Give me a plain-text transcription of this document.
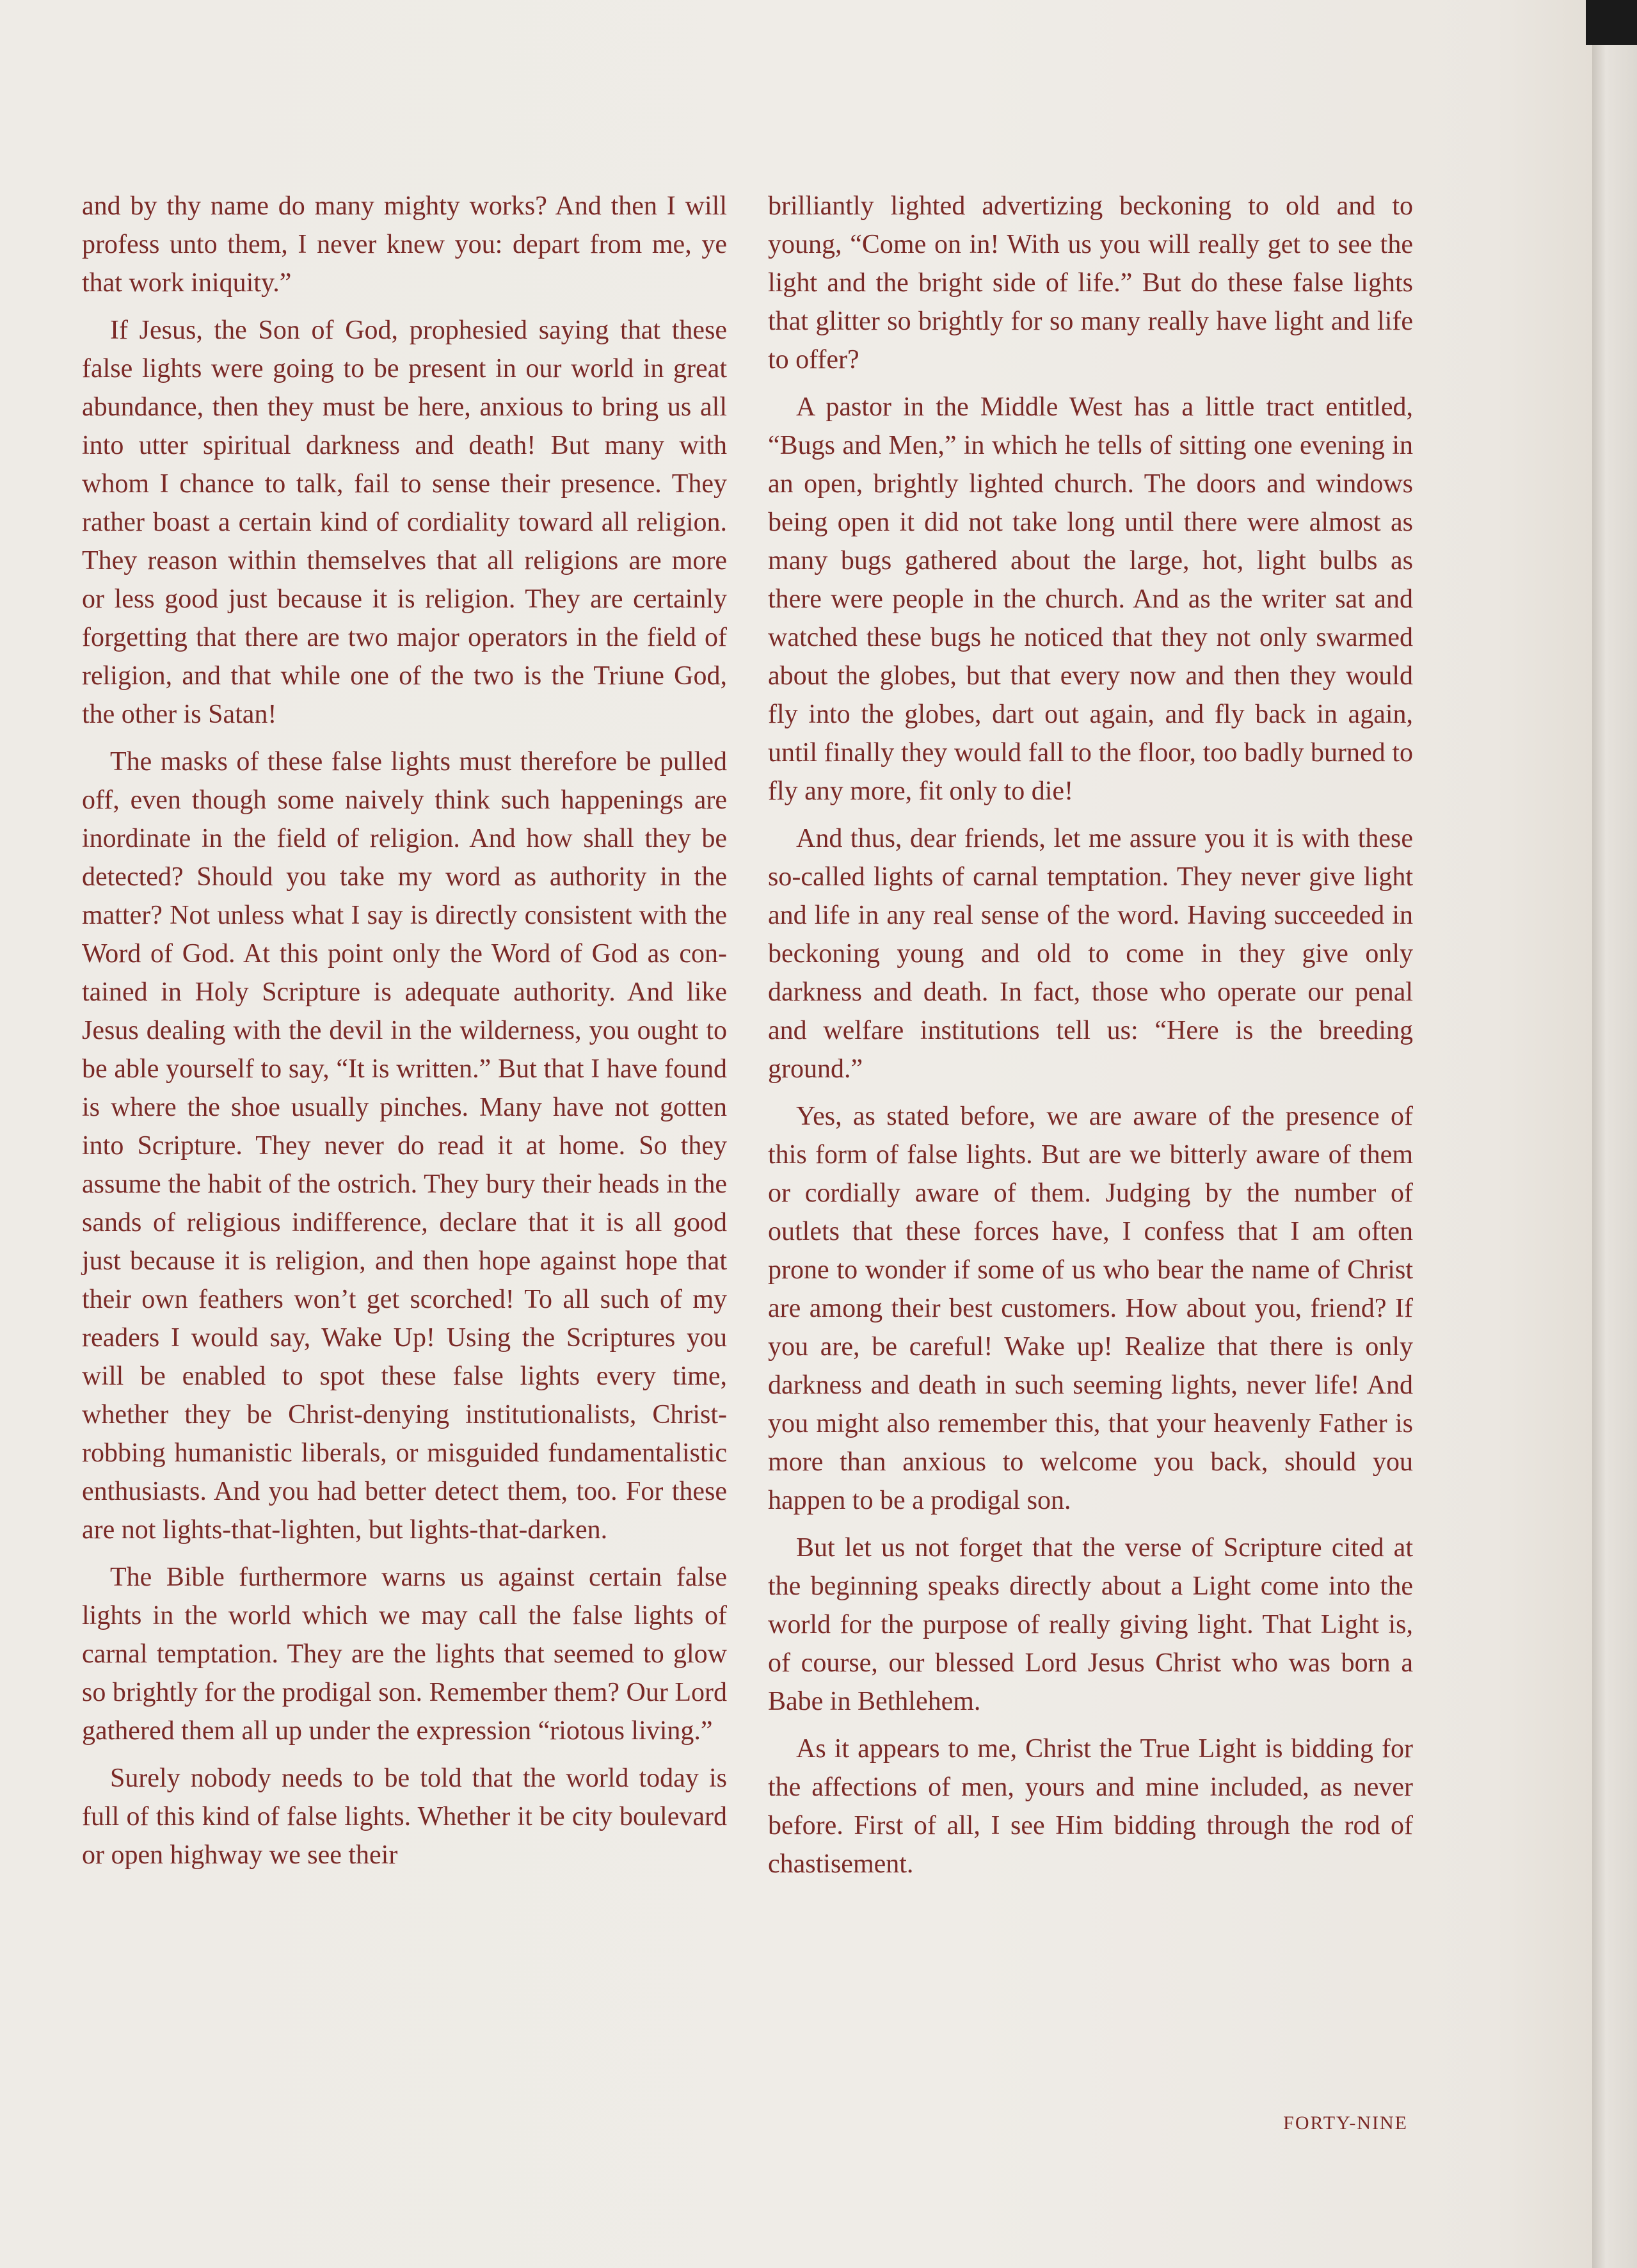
and by thy name do many mighty works? And then I will profess unto them, I never knew you: depart from me, ye that work iniquity.”

If Jesus, the Son of God, prophesied saying that these false lights were going to be present in our world in great abundance, then they must be here, anxious to bring us all into utter spiritual darkness and death! But many with whom I chance to talk, fail to sense their presence. They rather boast a certain kind of cordiality toward all religion. They reason within themselves that all religions are more or less good just because it is religion. They are certainly forgetting that there are two major operators in the field of religion, and that while one of the two is the Triune God, the other is Satan!

The masks of these false lights must therefore be pulled off, even though some naively think such happenings are inordinate in the field of religion. And how shall they be detected? Should you take my word as authority in the matter? Not unless what I say is directly consistent with the Word of God. At this point only the Word of God as contained in Holy Scripture is adequate authority. And like Jesus dealing with the devil in the wilderness, you ought to be able yourself to say, “It is written.” But that I have found is where the shoe usually pinches. Many have not gotten into Scripture. They never do read it at home. So they assume the habit of the ostrich. They bury their heads in the sands of religious indifference, declare that it is all good just because it is religion, and then hope against hope that their own feathers won’t get scorched! To all such of my readers I would say, Wake Up! Using the Scriptures you will be enabled to spot these false lights every time, whether they be Christ-denying institutionalists, Christ-robbing humanistic liberals, or misguided fundamentalistic enthusiasts. And you had better detect them, too. For these are not lights-that-lighten, but lights-that-darken.

The Bible furthermore warns us against certain false lights in the world which we may call the false lights of carnal temptation. They are the lights that seemed to glow so brightly for the prodigal son. Remember them? Our Lord gathered them all up under the expression “riotous living.”

Surely nobody needs to be told that the world today is full of this kind of false lights. Whether it be city boulevard or open highway we see their

brilliantly lighted advertizing beckoning to old and to young, “Come on in! With us you will really get to see the light and the bright side of life.” But do these false lights that glitter so brightly for so many really have light and life to offer?

A pastor in the Middle West has a little tract entitled, “Bugs and Men,” in which he tells of sitting one evening in an open, brightly lighted church. The doors and windows being open it did not take long until there were almost as many bugs gathered about the large, hot, light bulbs as there were people in the church. And as the writer sat and watched these bugs he noticed that they not only swarmed about the globes, but that every now and then they would fly into the globes, dart out again, and fly back in again, until finally they would fall to the floor, too badly burned to fly any more, fit only to die!

And thus, dear friends, let me assure you it is with these so-called lights of carnal temptation. They never give light and life in any real sense of the word. Having succeeded in beckoning young and old to come in they give only darkness and death. In fact, those who operate our penal and welfare institutions tell us: “Here is the breeding ground.”

Yes, as stated before, we are aware of the presence of this form of false lights. But are we bitterly aware of them or cordially aware of them. Judging by the number of outlets that these forces have, I confess that I am often prone to wonder if some of us who bear the name of Christ are among their best customers. How about you, friend? If you are, be careful! Wake up! Realize that there is only darkness and death in such seeming lights, never life! And you might also remember this, that your heavenly Father is more than anxious to welcome you back, should you happen to be a prodigal son.

But let us not forget that the verse of Scripture cited at the beginning speaks directly about a Light come into the world for the purpose of really giving light. That Light is, of course, our blessed Lord Jesus Christ who was born a Babe in Bethlehem.

As it appears to me, Christ the True Light is bidding for the affections of men, yours and mine included, as never before. First of all, I see Him bidding through the rod of chastisement.

FORTY-NINE
